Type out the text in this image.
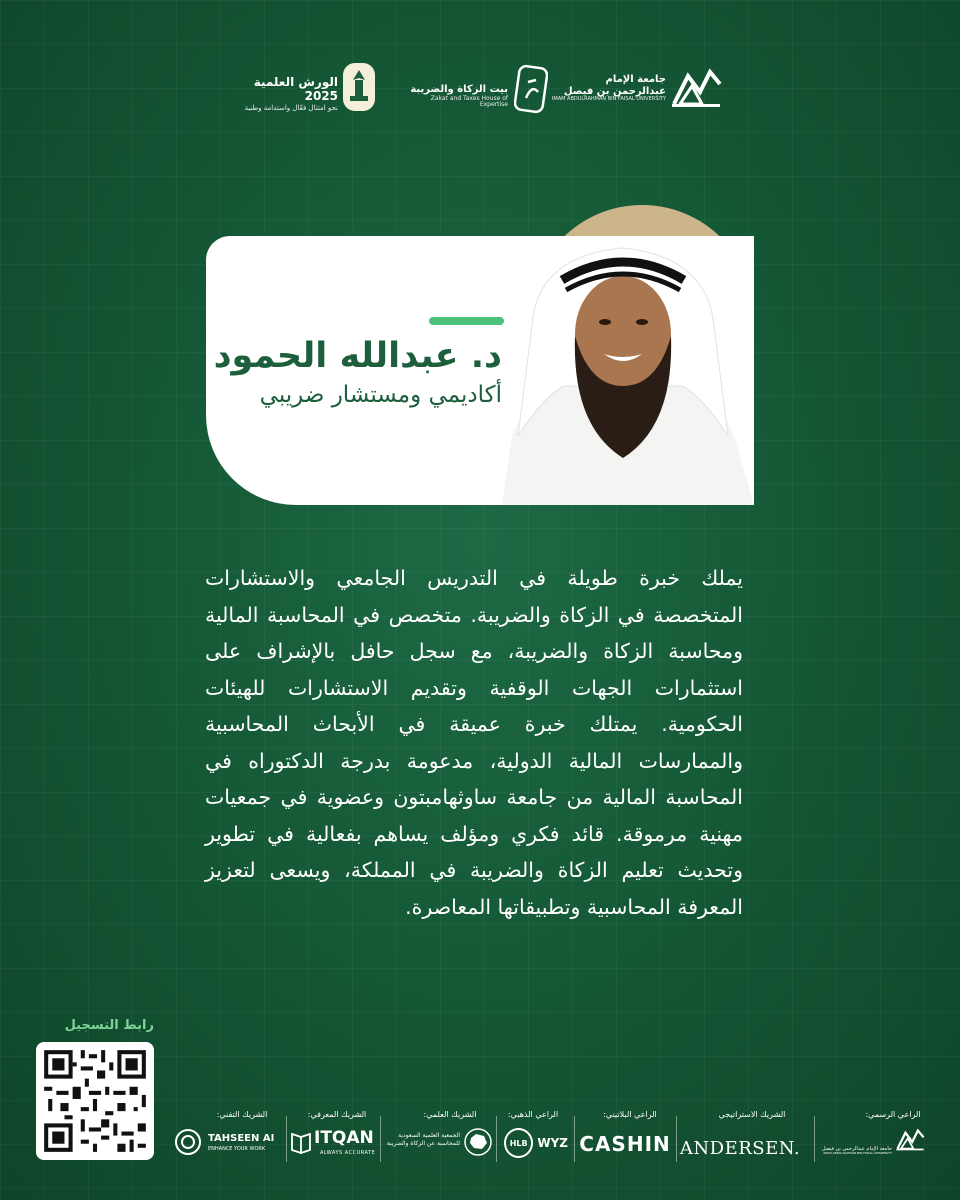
جامعة الإمام عبدالرحمن بن فيصل
IMAM ABDULRAHMAN BIN FAISAL UNIVERSITY
بيت الزكاة والضريبة
Zakat and Taxes House of Expertise
الورش العلمية 2025
نحو امتثال فعّال واستدامة وطنية
د. عبدالله الحمود
أكاديمي ومستشار ضريبي
يملك خبرة طويلة في التدريس الجامعي والاستشارات المتخصصة في الزكاة والضريبة. متخصص في المحاسبة المالية ومحاسبة الزكاة والضريبة، مع سجل حافل بالإشراف على استثمارات الجهات الوقفية وتقديم الاستشارات للهيئات الحكومية. يمتلك خبرة عميقة في الأبحاث المحاسبية والممارسات المالية الدولية، مدعومة بدرجة الدكتوراه في المحاسبة المالية من جامعة ساوثهامبتون وعضوية في جمعيات مهنية مرموقة. قائد فكري ومؤلف يساهم بفعالية في تطوير وتحديث تعليم الزكاة والضريبة في المملكة، ويسعى لتعزيز المعرفة المحاسبية وتطبيقاتها المعاصرة.
رابط التسجيل
الراعي الرسمي:
جامعة الإمام عبدالرحمن بن فيصل
IMAM ABDULRAHMAN BIN FAISAL UNIVERSITY
الشريك الاستراتيجي
ANDERSEN.
الراعي البلاتيني:
CASHIN
الراعي الذهبي:
HLB WYZ
الشريك العلمي:
الجمعية العلمية السعودية للمحاسبة عن الزكاة والضريبة
الشريك المعرفي:
ITQAN
ALWAYS ACCURATE
الشريك التقني:
TAHSEEN AI
ENHANCE YOUR WORK
